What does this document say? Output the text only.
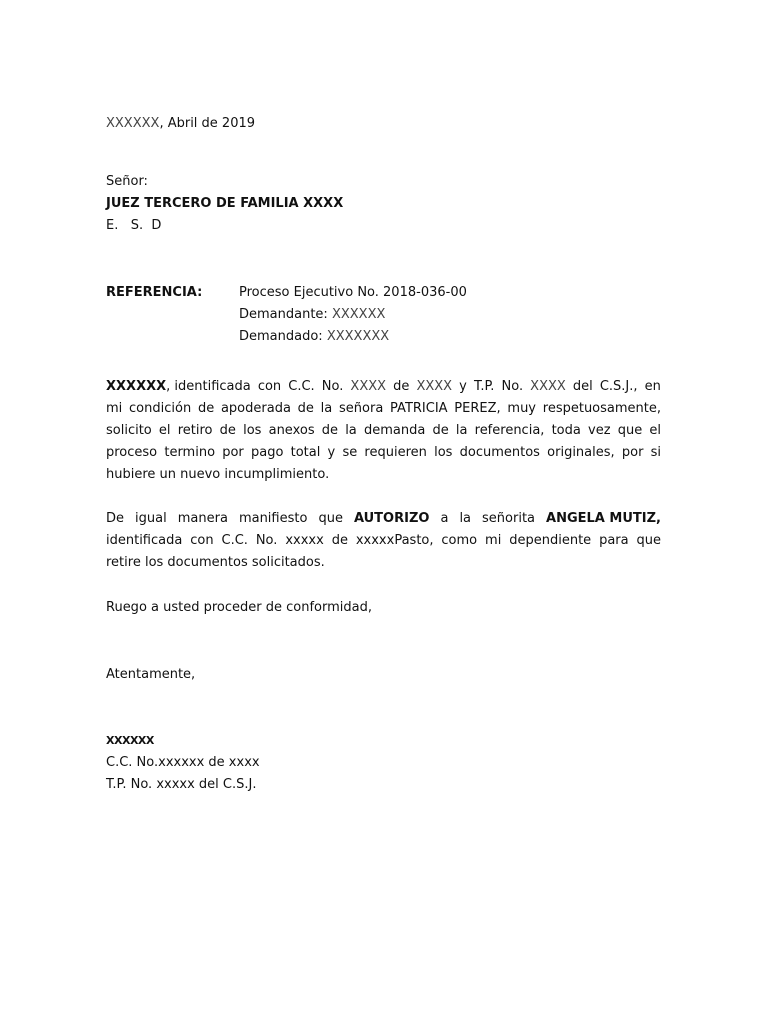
XXXXXX, Abril de 2019
Señor:
JUEZ TERCERO DE FAMILIA XXXX
E.   S.  D
REFERENCIA:	Proceso Ejecutivo No. 2018-036-00
Demandante: XXXXXX
Demandado: XXXXXXX
XXXXXX, identificada con C.C. No. XXXX de XXXX y T.P. No. XXXX del C.S.J., en
mi condición de apoderada de la señora PATRICIA PEREZ, muy respetuosamente,
solicito el retiro de los anexos de la demanda de la referencia, toda vez que el
proceso termino por pago total y se requieren los documentos originales, por si
hubiere un nuevo incumplimiento.
De igual manera manifiesto que AUTORIZO a la señorita ANGELA MUTIZ,
identificada con C.C. No. xxxxx de xxxxxPasto, como mi dependiente para que
retire los documentos solicitados.
Ruego a usted proceder de conformidad,
Atentamente,
XXXXXX
C.C. No.xxxxxx de xxxx
T.P. No. xxxxx del C.S.J.
